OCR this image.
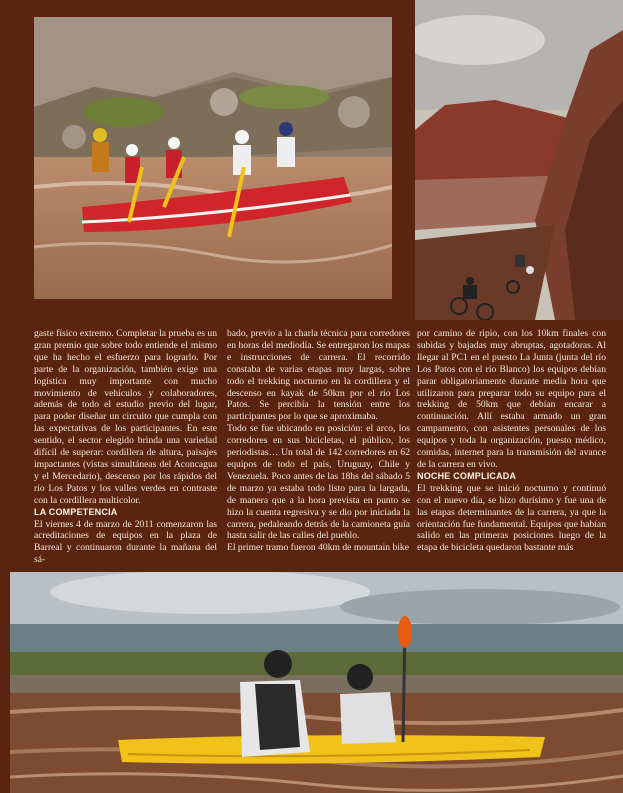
gaste físico extremo. Completar la prueba es un gran premio que sobre todo entiende el mismo que ha hecho el esfuerzo para lograrlo. Por parte de la organización, también exige una logística muy importante con mucho movimiento de vehículos y colaboradores, además de todo el estudio previo del lugar, para poder diseñar un circuito que cumpla con las expectativas de los participantes. En este sentido, el sector elegido brinda una variedad difícil de superar: cordillera de altura, paisajes impactantes (vistas simultáneas del Aconcagua y el Mercedario), descenso por los rápidos del río Los Patos y los valles verdes en contraste con la cordillera multicolor.

LA COMPETENCIA

El viernes 4 de marzo de 2011 comenzaron las acreditaciones de equipos en la plaza de Barreal y continuaron durante la mañana del sá-

bado, previo a la charla técnica para corredores en horas del mediodía. Se entregaron los mapas e instrucciones de carrera. El recorrido constaba de varias etapas muy largas, sobre todo el trekking nocturno en la cordillera y el descenso en kayak de 50km por el río Los Patos. Se percibía la tensión entre los participantes por lo que se aproximaba.

Todo se fue ubicando en posición: el arco, los corredores en sus bicicletas, el público, los periodistas… Un total de 142 corredores en 62 equipos de todo el país, Uruguay, Chile y Venezuela. Poco antes de las 18hs del sábado 5 de marzo ya estaba todo listo para la largada, de manera que a la hora prevista en punto se hizo la cuenta regresiva y se dio por iniciada la carrera, pedaleando detrás de la camioneta guía hasta salir de las calles del pueblo.

El primer tramo fueron 40km de mountain bike

por camino de ripio, con los 10km finales con subidas y bajadas muy abruptas, agotadoras. Al llegar al PC1 en el puesto La Junta (junta del río Los Patos con el río Blanco) los equipos debían parar obligatoriamente durante media hora que utilizaron para preparar todo su equipo para el trekking de 50km que debían encarar a continuación. Allí estaba armado un gran campamento, con asistentes personales de los equipos y toda la organización, puesto médico, comidas, internet para la transmisión del avance de la carrera en vivo.

NOCHE COMPLICADA

El trekking que se inició nocturno y continuó con el nuevo día, se hizo durísimo y fue una de las etapas determinantes de la carrera, ya que la orientación fue fundamental. Equipos que habían salido en las primeras posiciones luego de la etapa de bicicleta quedaron bastante más
